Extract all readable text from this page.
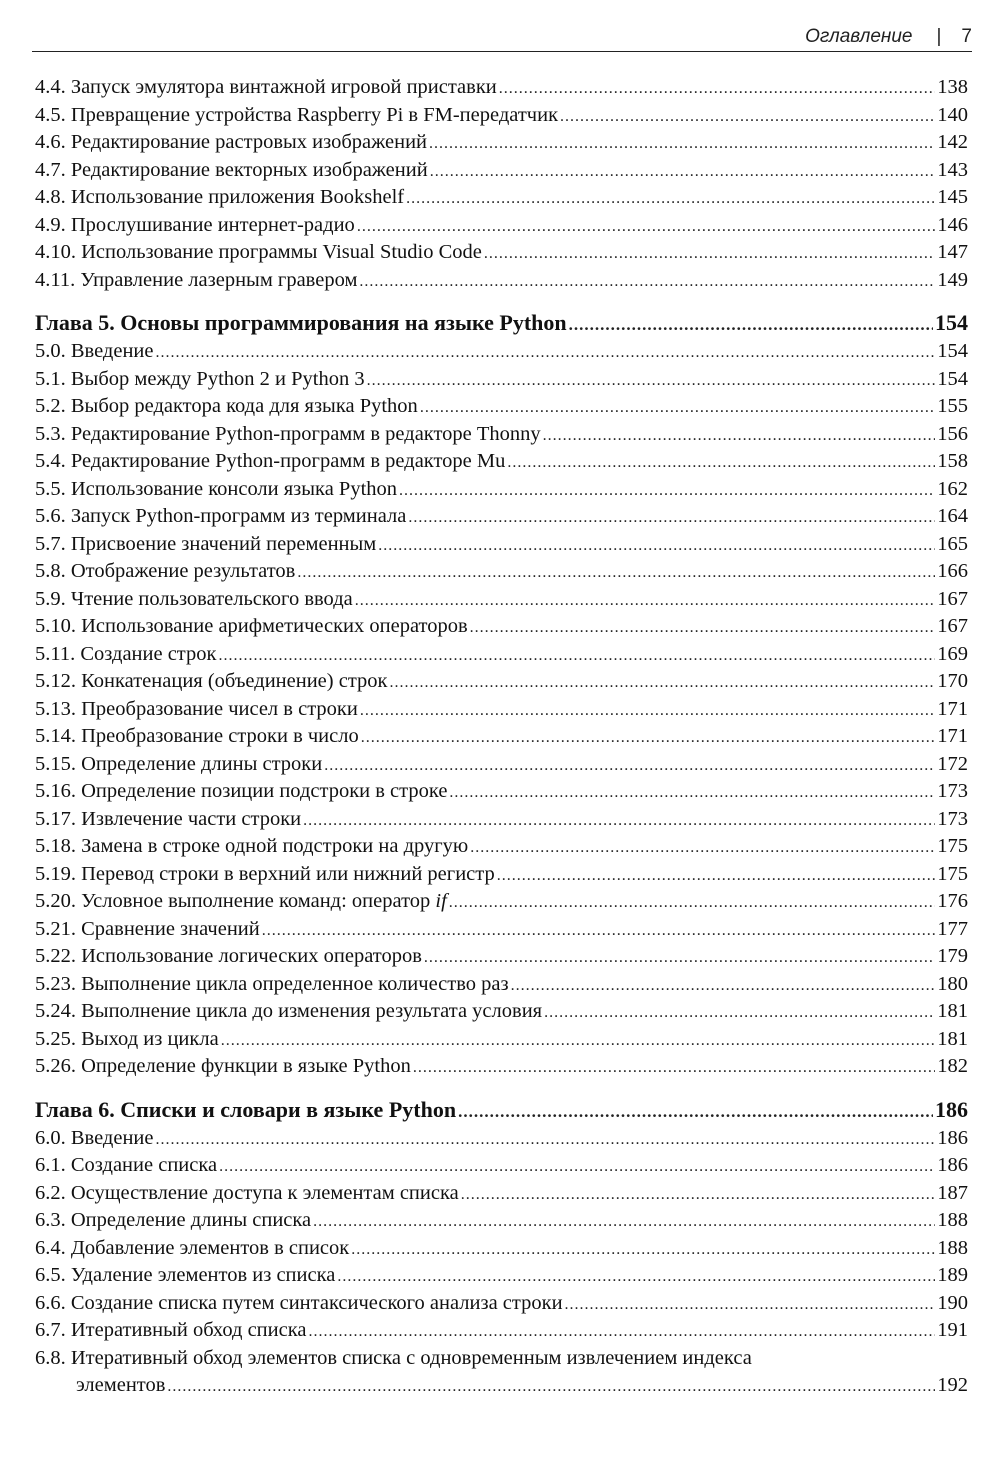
Оглавление | 7
4.4. Запуск эмулятора винтажной игровой приставки .....	138
4.5. Превращение устройства Raspberry Pi в FM-передатчик .....	140
4.6. Редактирование растровых изображений .....	142
4.7. Редактирование векторных изображений .....	143
4.8. Использование приложения Bookshelf .....	145
4.9. Прослушивание интернет-радио .....	146
4.10. Использование программы Visual Studio Code .....	147
4.11. Управление лазерным гравером .....	149
Глава 5. Основы программирования на языке Python .....	154
5.0. Введение .....	154
5.1. Выбор между Python 2 и Python 3 .....	154
5.2. Выбор редактора кода для языка Python .....	155
5.3. Редактирование Python-программ в редакторе Thonny .....	156
5.4. Редактирование Python-программ в редакторе Mu .....	158
5.5. Использование консоли языка Python .....	162
5.6. Запуск Python-программ из терминала .....	164
5.7. Присвоение значений переменным .....	165
5.8. Отображение результатов .....	166
5.9. Чтение пользовательского ввода .....	167
5.10. Использование арифметических операторов .....	167
5.11. Создание строк .....	169
5.12. Конкатенация (объединение) строк .....	170
5.13. Преобразование чисел в строки .....	171
5.14. Преобразование строки в число .....	171
5.15. Определение длины строки .....	172
5.16. Определение позиции подстроки в строке .....	173
5.17. Извлечение части строки .....	173
5.18. Замена в строке одной подстроки на другую .....	175
5.19. Перевод строки в верхний или нижний регистр .....	175
5.20. Условное выполнение команд: оператор if .....	176
5.21. Сравнение значений .....	177
5.22. Использование логических операторов .....	179
5.23. Выполнение цикла определенное количество раз .....	180
5.24. Выполнение цикла до изменения результата условия .....	181
5.25. Выход из цикла .....	181
5.26. Определение функции в языке Python .....	182
Глава 6. Списки и словари в языке Python .....	186
6.0. Введение .....	186
6.1. Создание списка .....	186
6.2. Осуществление доступа к элементам списка .....	187
6.3. Определение длины списка .....	188
6.4. Добавление элементов в список .....	188
6.5. Удаление элементов из списка .....	189
6.6. Создание списка путем синтаксического анализа строки .....	190
6.7. Итеративный обход списка .....	191
6.8. Итеративный обход элементов списка с одновременным извлечением индекса
элементов .....	192
